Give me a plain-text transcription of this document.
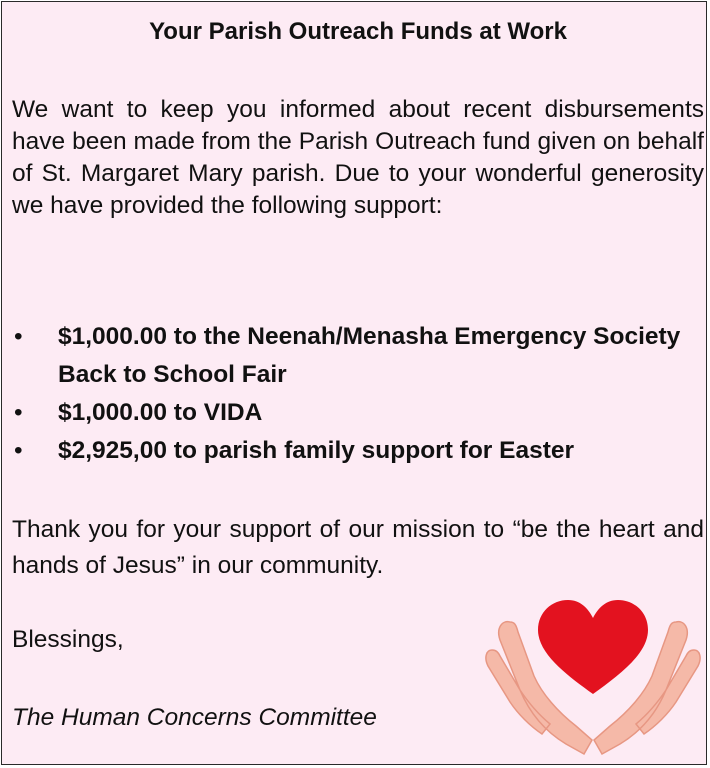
Your Parish Outreach Funds at Work

We want to keep you informed about recent disbursements have been made from the Parish Outreach fund given on behalf of St. Margaret Mary parish. Due to your wonderful generosity we have provided the following support:

• $1,000.00 to the Neenah/Menasha Emergency Society Back to School Fair
• $1,000.00 to VIDA
• $2,925,00 to parish family support for Easter

Thank you for your support of our mission to “be the heart and hands of Jesus” in our community.

Blessings,

The Human Concerns Committee
